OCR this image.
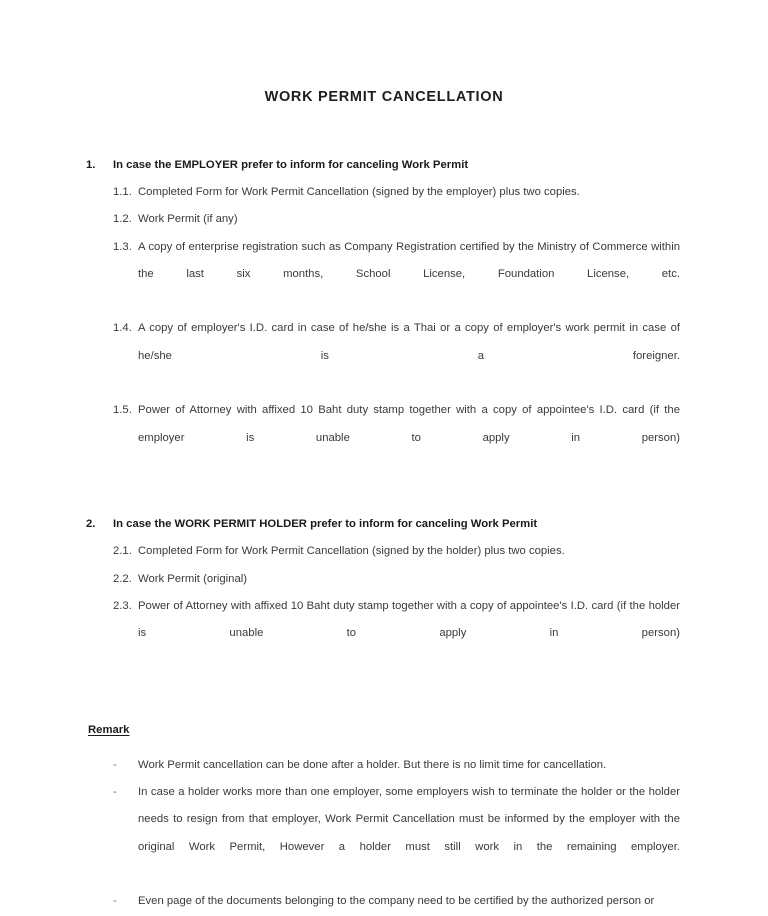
WORK PERMIT CANCELLATION
1.	In case the EMPLOYER prefer to inform for canceling Work Permit
1.1. Completed Form for Work Permit Cancellation (signed by the employer) plus two copies.
1.2. Work Permit (if any)
1.3. A copy of enterprise registration such as Company Registration certified by the Ministry of Commerce within the last six months, School License, Foundation License, etc.
1.4. A copy of employer's I.D. card in case of he/she is a Thai or a copy of employer's work permit in case of he/she is a foreigner.
1.5. Power of Attorney with affixed 10 Baht duty stamp together with a copy of appointee's I.D. card (if the employer is unable to apply in person)
2.	In case the WORK PERMIT HOLDER prefer to inform for canceling Work Permit
2.1. Completed Form for Work Permit Cancellation (signed by the holder) plus two copies.
2.2. Work Permit (original)
2.3. Power of Attorney with affixed 10 Baht duty stamp together with a copy of appointee's I.D. card (if the holder is unable to apply in person)
Remark
-	Work Permit cancellation can be done after a holder. But there is no limit time for cancellation.
-	In case a holder works more than one employer, some employers wish to terminate the holder or the holder needs to resign from that employer, Work Permit Cancellation must be informed by the employer with the original Work Permit, However a holder must still work in the remaining employer.
-	Even page of the documents belonging to the company need to be certified by the authorized person or
